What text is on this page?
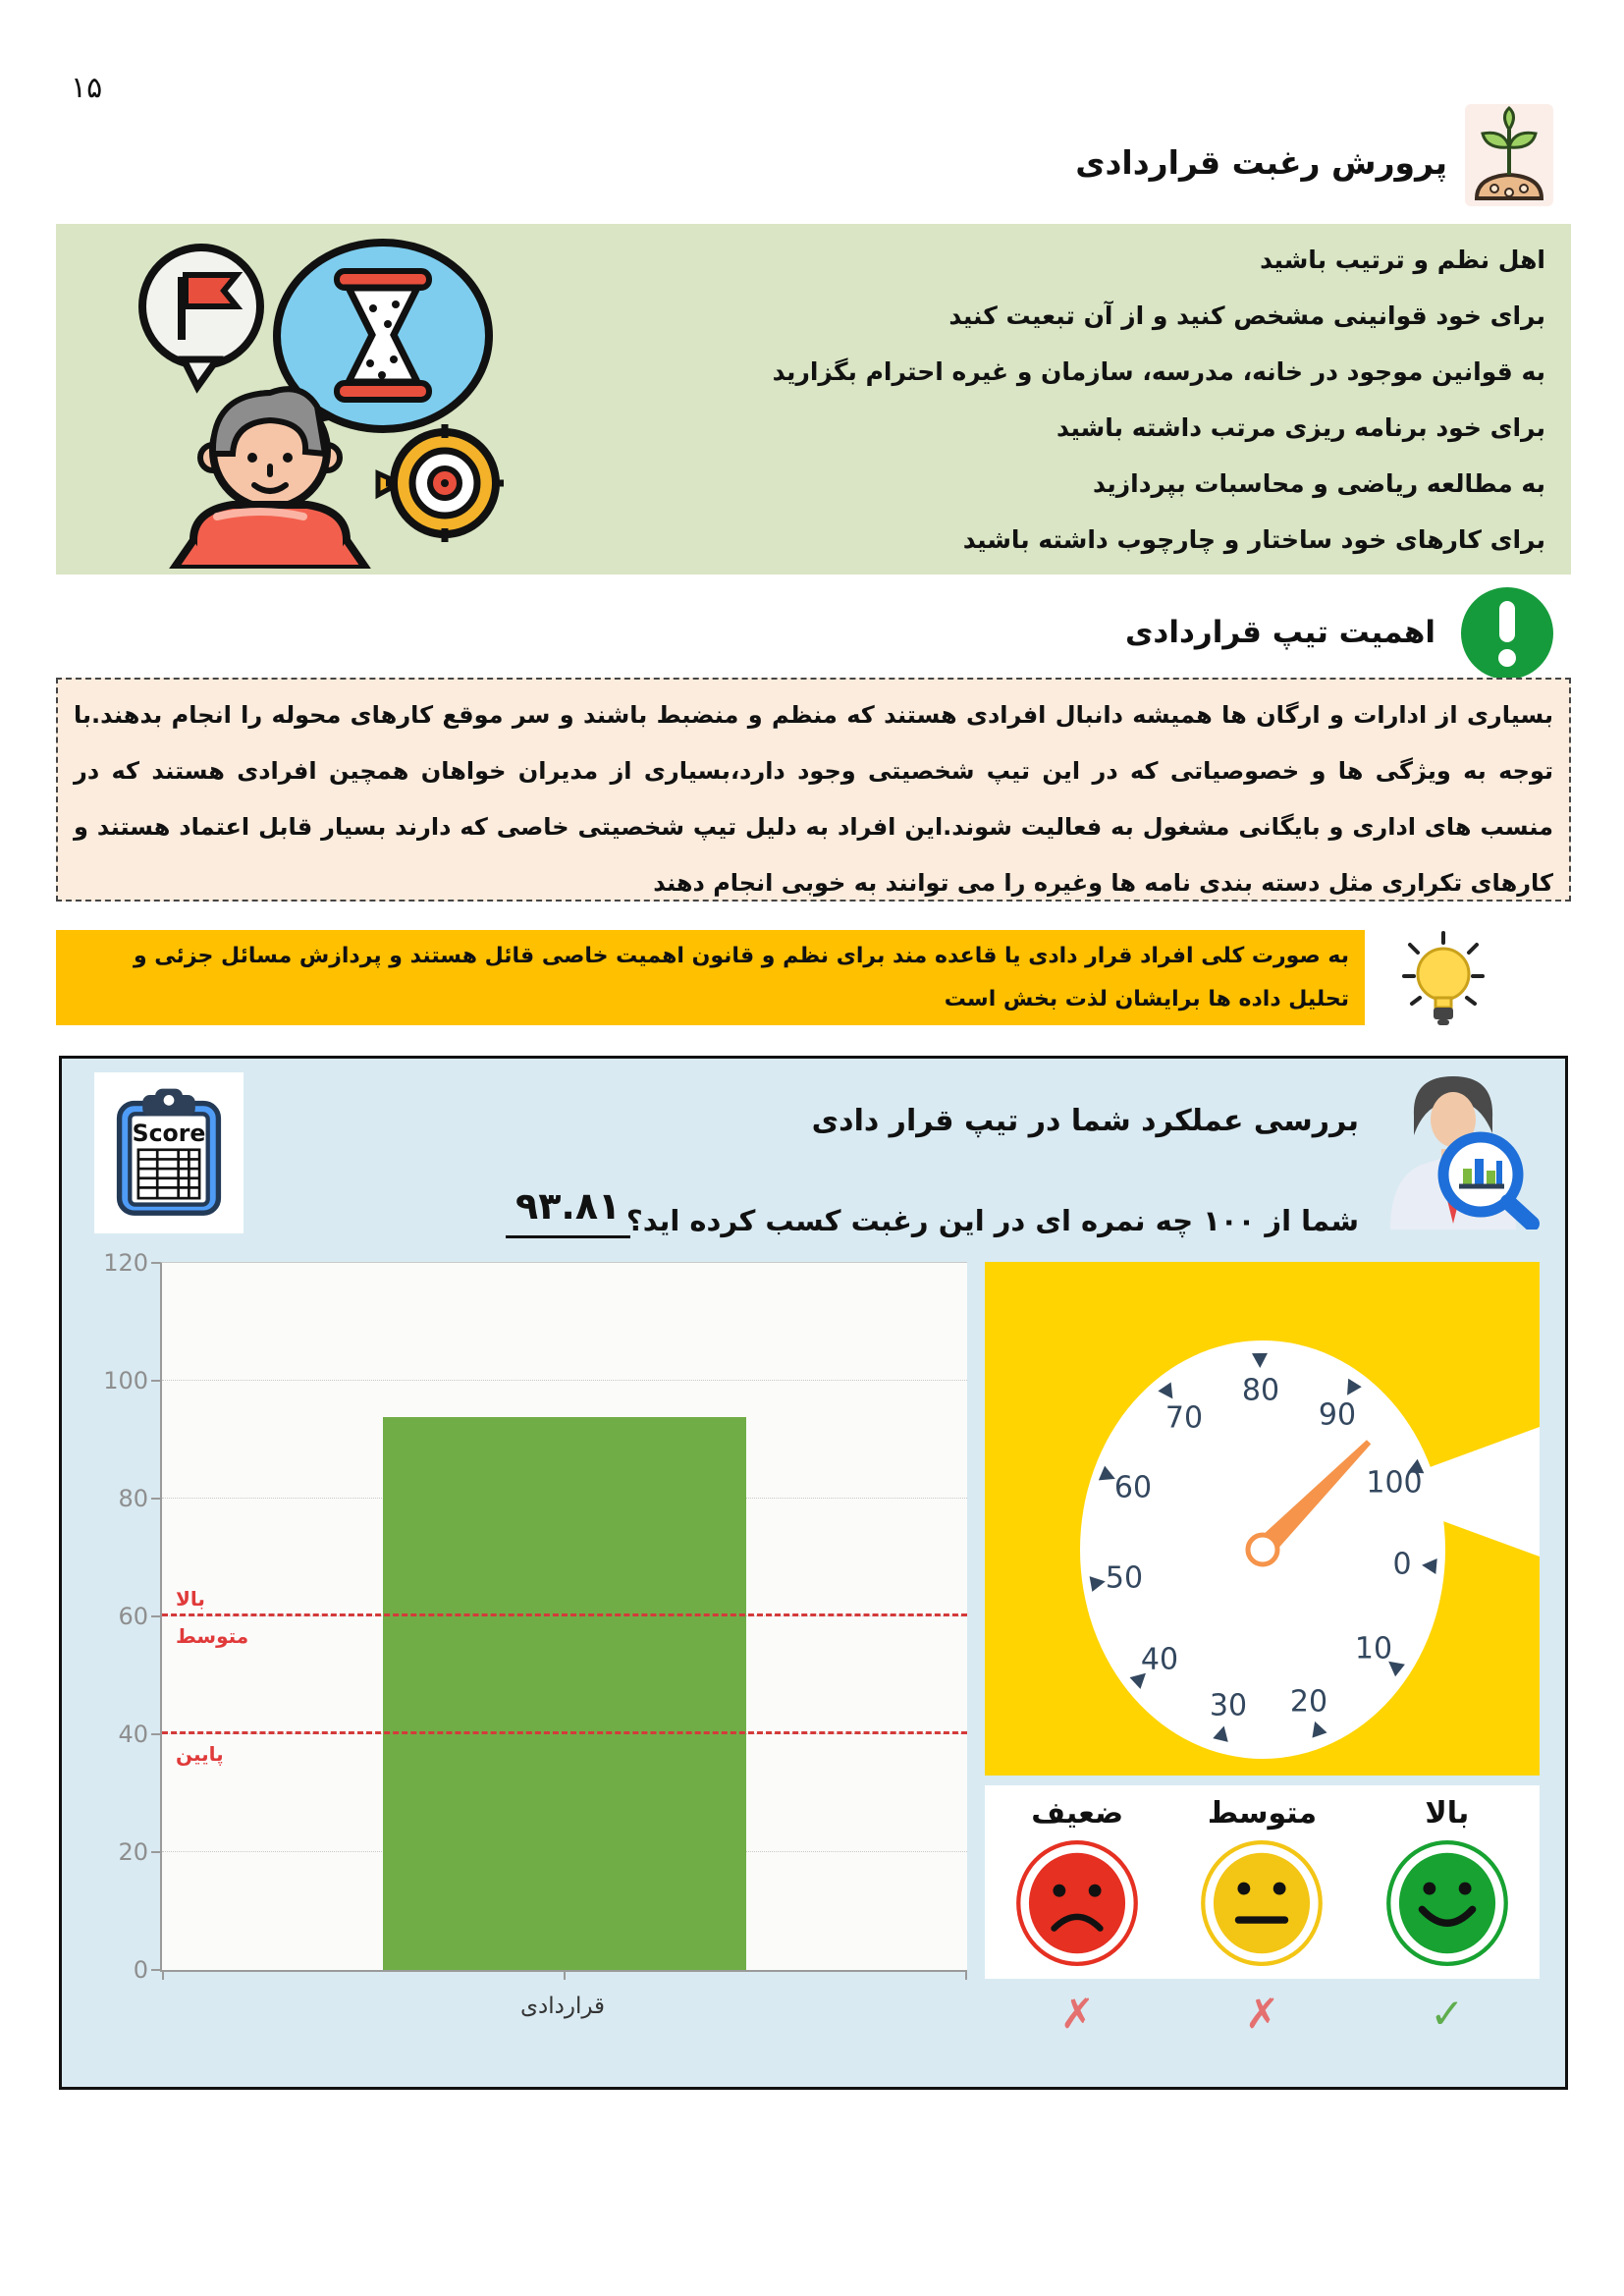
۱۵
پرورش رغبت قراردادی
اهل نظم و ترتیب باشید
برای خود قوانینی مشخص کنید و از آن تبعیت کنید
به قوانین موجود در خانه، مدرسه، سازمان و غیره احترام بگزارید
برای خود برنامه ریزی مرتب داشته باشید
به مطالعه ریاضی و محاسبات بپردازید
برای کارهای خود ساختار و چارچوب داشته باشید
اهمیت تیپ قراردادی

بسیاری از ادارات و ارگان ها همیشه دانبال افرادی هستند که منظم و منضبط باشند و سر موقع کارهای محوله را انجام بدهند.با توجه به ویژگی ها و خصوصیاتی که در این تیپ شخصیتی وجود دارد،بسیاری از مدیران خواهان همچین افرادی هستند که در منسب های اداری و بایگانی مشغول به فعالیت شوند.این افراد به دلیل تیپ شخصیتی خاصی که دارند بسیار قابل اعتماد هستند و کارهای تکراری مثل دسته بندی نامه ها وغیره را می توانند به خوبی انجام دهند

به صورت کلی افراد قرار دادی یا قاعده مند برای نظم و قانون اهمیت خاصی قائل هستند و پردازش مسائل جزئی و تحلیل داده ها برایشان لذت بخش است

Score	بررسی عملکرد شما در تیپ قرار دادی
شما از ۱۰۰ چه نمره ای در این رغبت کسب کرده اید؟
۹۳.۸۱
بالا
متوسط
پایین
0
20
40
60
80
100
120
قراردادی
0
10
20
30
40
50
60
70
80
90
100
ضعیف	متوسط	بالا
✗	✗	✓
